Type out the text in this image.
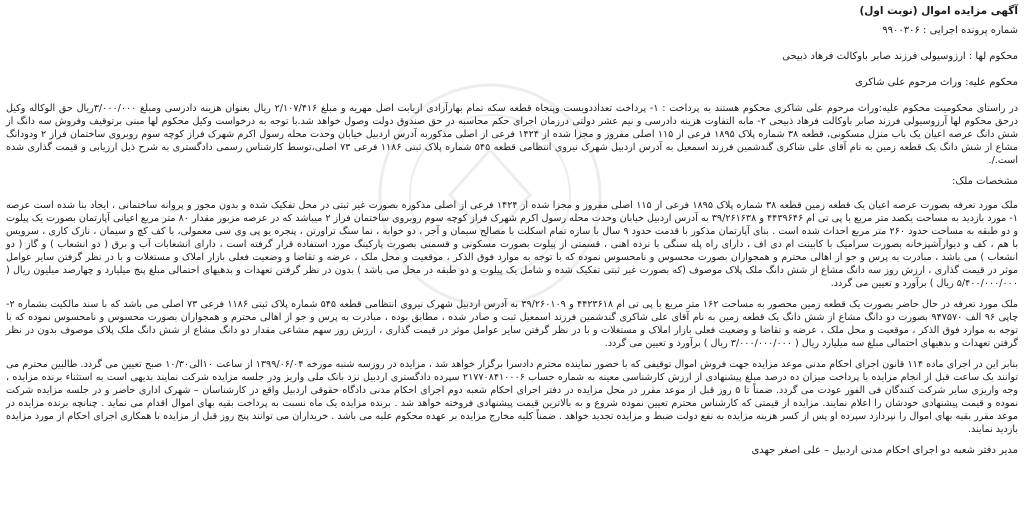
آگهی مزایده اموال (نوبت اول)

شماره پرونده اجرایی : ۹۹۰۰۳۰۶

محکوم لها : ارزوسیولی فرزند صابر باوکالت فرهاد ذبیحی

محکوم علیه: وراث مرحوم علی شاکری

در راستای محکومیت محکوم علیه:وراث مرحوم علی شاکری محکوم هستند به پرداخت : ١- پرداخت تعداددویست وپنجاه قطعه سکه تمام بهارآزادی ازبابت اصل مهریه و مبلغ ۲/۱۰۷/۴۱۶ ریال بعنوان هزینه دادرسی ومبلغ ۳/۰۰۰/۰۰۰ریال حق الوکاله وکیل درحق محکوم لها آرزوسیولی فرزند صابر باوکالت فرهاد ذبیحی ٢- مابه التفاوت هزینه دادرسی و نیم عشر دولتی درزمان اجرای حکم محاسبه در حق صندوق دولت وصول خواهد شد.با توجه به درخواست وکیل محکوم لها مبنی برتوقیف وفروش سه دانگ از شش دانگ عرصه اعیان یک باب منزل مسکونی، قطعه ۳۸ شماره پلاک ۱۸۹۵ فرعی از ۱۱۵ اصلی مفروز و مجزا شده از ۱۴۲۴ فرعی از اصلی مذکوربه آدرس اردبیل خیابان وحدت محله رسول اکرم شهرک فراز کوچه سوم روبروی ساختمان فراز ۲ ودودانگ مشاع از شش دانگ یک قطعه زمین به نام آقای علی شاکری گندشمین فرزند اسمعیل به آدرس اردبیل شهرک نیروی انتظامی قطعه ۵۴۵ شماره پلاک ثبتی ۱۱۸۶ فرعی ۷۳ اصلی،توسط کارشناس رسمی دادگستری به شرح ذیل ارزیابی و قیمت گذاری شده است./.

مشخصات ملک:

ملک مورد تعرفه بصورت عرصه اعیان یک قطعه زمین قطعه ۳۸ شماره پلاک ۱۸۹۵ فرعی از ۱۱۵ اصلی مفروز و مجزا شده از ۱۴۲۴ فرعی از اصلی مذکوره بصورت غیر ثبتی در محل تفکیک شده و بدون مجوز و پروانه ساختمانی ، ایجاد بنا شده است عرصه ١- مورد بازدید به مساحت یکصد متر مربع با پی تی ام ۴۴۳۹۶۴۶ و ۳۹/۲۶۱۶۳۸ به آدرس اردبیل خیابان وحدت محله رسول اکرم شهرک فراز کوچه سوم روبروی ساختمان فراز ۲ میباشد که در عرصه مزبور مقدار ۸۰ متر مربع اعیانی آپارتمان بصورت یک پیلوت و دو طبقه به مساحت حدود ۲۶۰ متر مربع احداث شده است . بنای آپارتمان مذکور با قدمت حدود ۹ سال با سازه تمام اسکلت با مصالح سیمان و آجر ، دو خوابه ، نما سنگ تراورتن ، پنجره یو پی وی سی معمولی، با کف کچ و سیمان ، نازک کاری ، سرویس با هم ، کف و دیوارآشپزخانه بصورت سرامیک با کابینت ام دی اف ، دارای راه پله سنگی با نرده اهنی ، قسمتی از پیلوت بصورت مسکونی و قسمتی بصورت پارکینگ مورد استفاده قرار گرفته است ، دارای انشعابات آب و برق ( دو انشعاب ) و گاز ( دو انشعاب ) می باشد ، مبادرت به پرس و جو از اهالی محترم و همجواران بصورت محسوس و نامحسوس نموده که با توجه به موارد فوق الذکر ، موقعیت و محل ملک ، عرضه و تقاضا و وضعیت فعلی بازار املاک و مستغلات و با در نظر گرفتن سایر عوامل موثر در قیمت گذاری ، ارزش روز سه دانگ مشاع از شش دانگ ملک پلاک موصوف (که بصورت غیر ثبتی تفکیک شده و شامل یک پیلوت و دو طبقه در محل می باشد ) بدون در نظر گرفتن تعهدات و بدهیهای احتمالی مبلغ پنج میلیارد و چهارصد میلیون ریال ( ۵/۴۰۰/۰۰۰/۰۰۰ ریال ) برآورد و تعیین می گردد.

ملک مورد تعرفه در حال حاضر بصورت یک قطعه زمین محصور به مساحت ۱۶۲ متر مربع با پی تی ام ۴۴۲۳۶۱۸ و ۳۹/۲۶۰۱۰۹ به آدرس اردبیل شهرک نیروی انتظامی قطعه ۵۴۵ شماره پلاک ثبتی ۱۱۸۶ فرعی ۷۳ اصلی می باشد که با سند مالکیت بشماره ٢- چاپی ۹۶ الف ۹۴۷۵۷۰ بصورت دو دانگ مشاع از شش دانگ یک قطعه زمین به نام آقای علی شاکری گندشمین فرزند اسمعیل ثبت و صادر شده ، مطابق بوده ، مبادرت به پرس و جو از اهالی محترم و همجواران بصورت محسوس و نامحسوس نموده که با توجه به موارد فوق الذکر ، موقعیت و محل ملک ، عرضه و تقاضا و وضعیت فعلی بازار املاک و مستغلات و با در نظر گرفتن سایر عوامل موثر در قیمت گذاری ، ارزش روز سهم مشاعی مقدار دو دانگ مشاع از شش دانگ ملک پلاک موصوف بدون در نظر گرفتن تعهدات و بدهیهای احتمالی مبلغ سه میلیارد ریال ( ۳/۰۰۰/۰۰۰/۰۰۰ ریال ) برآورد و تعیین می گردد.

بنابر این در اجرای ماده ۱۱۴ قانون اجرای احکام مدنی موعد مزایده جهت فروش اموال توقیفی که با حضور نماینده محترم دادسرا برگزار خواهد شد ، مزایده در روزسه شنبه مورخه ۱۳۹۹/۰۶/۰۴ از ساعت ١٠الی١٠/٣٠ صبح تعیین می گردد. طالبین محترم می توانند یک ساعت قبل از انجام مزایده با پرداخت میزان ده درصد مبلغ پیشنهادی از ارزش کارشناسی معینه به شماره حساب ۲۱۷۷۰۸۴۱۰۰۰۶ سپرده دادگستری اردبیل نزد بانک ملی واریز ودر جلسه مزایده شرکت نمایند بدیهی است به استثناء برنده مزایده ، وجه واریزی سایر شرکت کنندگان فی الفور عودت می گردد. ضمناً تا ۵ روز قبل از موعد مقرر در محل مزایده در دفتر اجرای احکام شعبه دوم اجرای احکام مدنی دادگاه حقوقی اردبیل واقع در کارشناسان – شهرک اداری حاضر و در جلسه مزایده شرکت نموده و قیمت پیشنهادی خودشان را اعلام نمایند. مزایده از قیمتی که کارشناس محترم تعیین نموده شروع و به بالاترین قیمت پیشنهادی فروخته خواهد شد . برنده مزایده یک ماه نسبت به پرداخت بقیه بهای اموال اقدام می نماید . چنانچه برنده مزایده در موعد مقرر بقیه بهای اموال را نپردازد سپرده او پس از کسر هزینه مزایده به نفع دولت ضبط و مزایده تجدید خواهد . ضمناً کلیه مخارج مزایده بر عهده محکوم علیه می باشد . خریداران می توانند پنج روز قبل از مزایده با همکاری اجرای احکام از مورد مزایده بازدید نمایند.

مدیر دفتر شعبه دو اجرای احکام مدنی اردبیل – علی اصغر جهدی
